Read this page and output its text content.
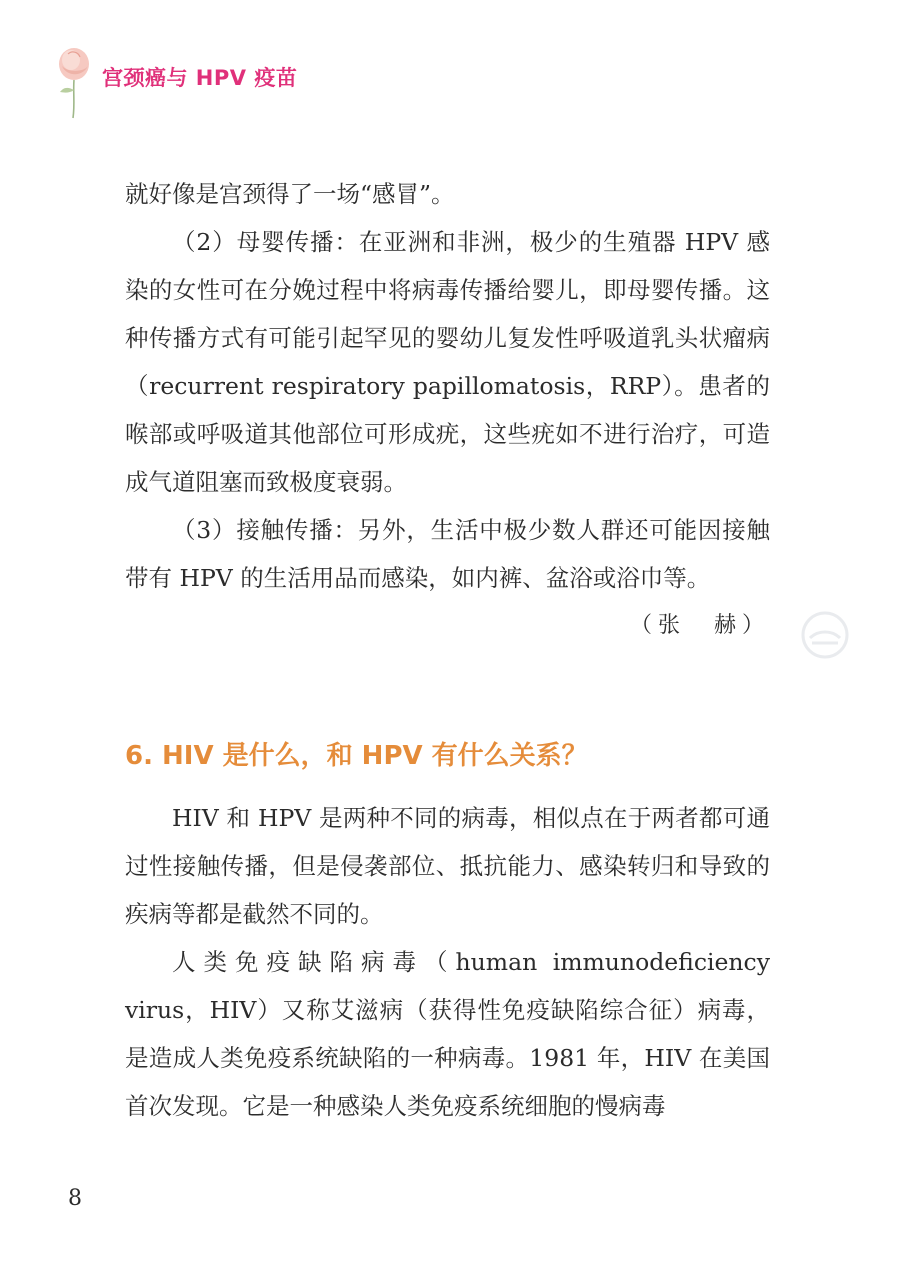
宫颈癌与 HPV 疫苗

就好像是宫颈得了一场“感冒”。

（2）母婴传播：在亚洲和非洲，极少的生殖器 HPV 感染的女性可在分娩过程中将病毒传播给婴儿，即母婴传播。这种传播方式有可能引起罕见的婴幼儿复发性呼吸道乳头状瘤病（recurrent respiratory papillomatosis，RRP）。患者的喉部或呼吸道其他部位可形成疣，这些疣如不进行治疗，可造成气道阻塞而致极度衰弱。

（3）接触传播：另外，生活中极少数人群还可能因接触带有 HPV 的生活用品而感染，如内裤、盆浴或浴巾等。

（张　赫）

6. HIV 是什么，和 HPV 有什么关系？

HIV 和 HPV 是两种不同的病毒，相似点在于两者都可通过性接触传播，但是侵袭部位、抵抗能力、感染转归和导致的疾病等都是截然不同的。

人类免疫缺陷病毒（human immunodeficiency virus，HIV）又称艾滋病（获得性免疫缺陷综合征）病毒，是造成人类免疫系统缺陷的一种病毒。1981 年，HIV 在美国首次发现。它是一种感染人类免疫系统细胞的慢病毒

8
